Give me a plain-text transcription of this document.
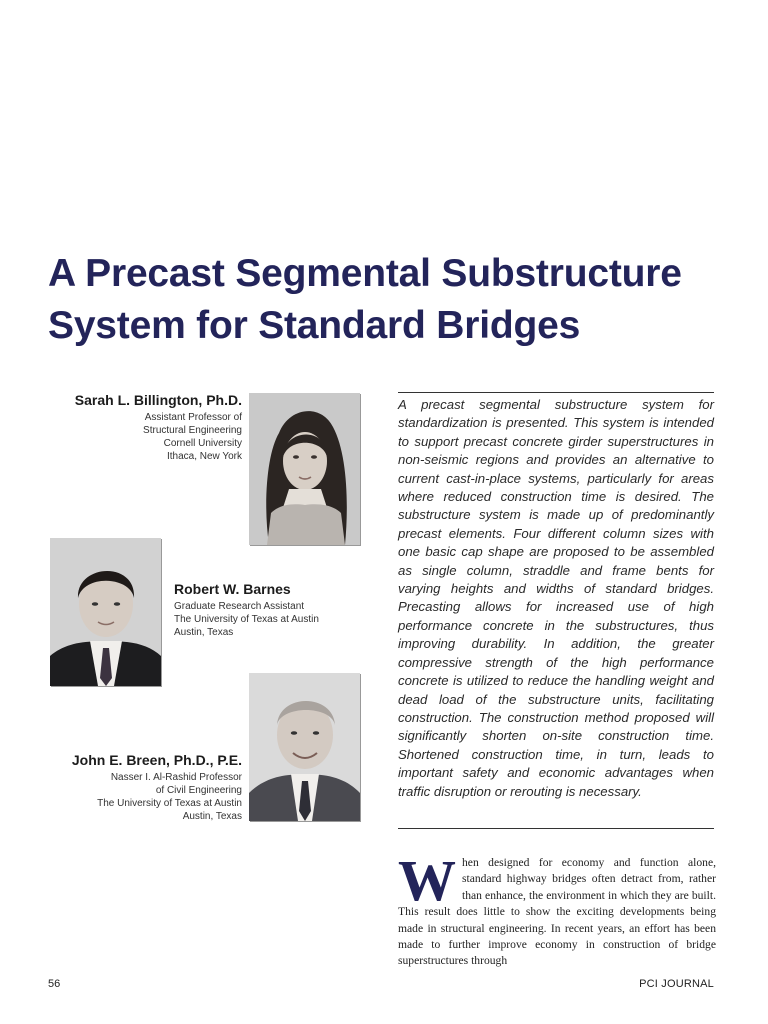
A Precast Segmental Substructure
System for Standard Bridges
Sarah L. Billington, Ph.D.
Assistant Professor of
Structural Engineering
Cornell University
Ithaca, New York
Robert W. Barnes
Graduate Research Assistant
The University of Texas at Austin
Austin, Texas
John E. Breen, Ph.D., P.E.
Nasser I. Al-Rashid Professor
of Civil Engineering
The University of Texas at Austin
Austin, Texas

A precast segmental substructure system for standardization is presented. This system is intended to support precast concrete girder superstructures in non-seismic regions and provides an alternative to current cast-in-place systems, particularly for areas where reduced construction time is desired. The substructure system is made up of predominantly precast elements. Four different column sizes with one basic cap shape are proposed to be assembled as single column, straddle and frame bents for varying heights and widths of standard bridges. Precasting allows for increased use of high performance concrete in the substructures, thus improving durability. In addition, the greater compressive strength of the high performance concrete is utilized to reduce the handling weight and dead load of the substructure units, facilitating construction. The construction method proposed will significantly shorten on-site construction time. Shortened construction time, in turn, leads to important safety and economic advantages when traffic disruption or rerouting is necessary.

When designed for economy and function alone, standard highway bridges often detract from, rather than enhance, the environment in which they are built. This result does little to show the exciting developments being made in structural engineering. In recent years, an effort has been made to further improve economy in construction of bridge superstructures through

56	PCI JOURNAL
